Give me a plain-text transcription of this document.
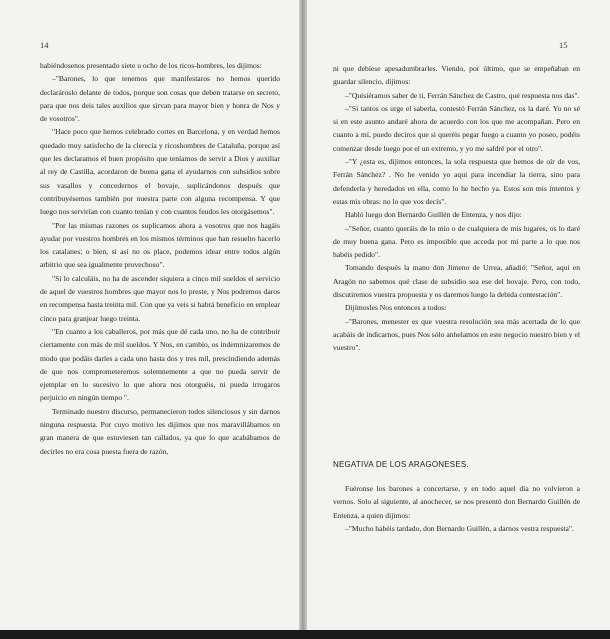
14

habiéndosenos presentado siete u ocho de los ricos-hombres, les dijimos:

–"Barones, lo que tenemos que manifestaros no hemos querido declarároslo delante de todos, porque son cosas que deben tratarse en secreto, para que nos deis tales auxilios que sirvan para mayor bien y honra de Nos y de vosotros".

"Hace poco que hemos celebrado cortes en Barcelona, y en verdad hemos quedado muy satisfecho de la clerecía y ricoshombres de Cataluña, porque así que les declaramos el buen propósito que teníamos de servir a Dios y auxiliar al rey de Castilla, acordaron de buena gana el ayudarnos con subsidios sobre sus vasallos y concedernos el bovaje, suplicándonos después que contribuyésemos también por nuestra parte con alguna recompensa. Y que luego nos servirían con cuanto tenían y con cuantos feudos les otorgásemos".

"Por las mismas razones os suplicamos ahora a vosotros que nos hagáis ayudar por vuestros hombres en los mismos términos que han resuelto hacerlo los catalanes; o bien, si así no os place, podemos idear entre todos algún arbitrio que sea igualmente provechoso".

"Si lo calculáis, no ha de ascender siquiera a cinco mil sueldos el servicio de aquel de vuestros hombres que mayor nos lo preste, y Nos podremos daros en recompensa hasta treinta mil. Con que ya veis si habrá beneficio en emplear cinco para granjear luego treinta.

"En cuanto a los caballeros, por más que dé cada uno, no ha de contribuir ciertamente con más de mil sueldos. Y Nos, en cambio, os indemnizaremos de modo que podáis darles a cada uno hasta dos y tres mil, prescindiendo además de que nos comprometeremos solemnemente a que no pueda servir de ejemplar en lo sucesivo lo que ahora nos otorguéis, ni pueda irrogaros perjuicio en ningún tiempo ".

Terminado nuestro discurso, permanecieron todos silenciosos y sin darnos ninguna respuesta. Por cuyo motivo les dijimos que nos maravillábamos en gran manera de que estuviesen tan callados, ya que lo que acabábamos de decirles no era cosa puesta fuera de razón,

15

ni que debiese apesadumbrarles. Viendo, por último, que se empeñaban en guardar silencio, dijimos:

–"Quisiéramos saber de ti, Ferrán Sánchez de Castro, qué respuesta nos das".

–"Si tantos os urge el saberla, contestó Ferrán Sánchez, os la daré. Yo no sé si en este asunto andaré ahora de acuerdo con los que me acompañan. Pero en cuanto a mí, puedo deciros que si queréis pegar fuego a cuanto yo poseo, podéis comenzar desde luego por el un extremo, y yo me saldré por el otro".

–"Y ¿esta es, dijimos entonces, la sola respuesta que hemos de oír de vos, Ferrán Sánchez? . No he venido yo aquí para incendiar la tierra, sino para defenderla y heredados en ella, como lo he hecho ya. Estos son mis intentos y estas mis obras: no lo que vos decís".

Habló luego don Bernardo Guillén de Entenza, y nos dijo:

–"Señor, cuanto queráis de lo mío o de cualquiera de mis lugares, os lo daré de muy buena gana. Pero es imposible que acceda por mi parte a lo que nos habéis pedido".

Tomando después la mano don Jimeno de Urrea, añadió: "Señor, aquí en Aragón no sabemos qué clase de subsidio sea ese del bovaje. Pero, con todo, discutiremos vuestra propuesta y os daremos luego la debida contestación".

Dijímosles Nos entonces a todos:

–"Barones, menester es que vuestra resolución sea más acertada de lo que acabáis de indicarnos, pues Nos sólo anhelamos en este negocio nuestro bien y el vuestro".

NEGATIVA DE LOS ARAGONESES.

Fuéronse los barones a concertarse, y en todo aquel día no volvieron a vernos. Solo al siguiente, al anochecer, se nos presentó don Bernardo Guillén de Entenza, a quien dijimos:

–"Mucho habéis tardado, don Bernardo Guillén, a darnos vestra respuesta".
